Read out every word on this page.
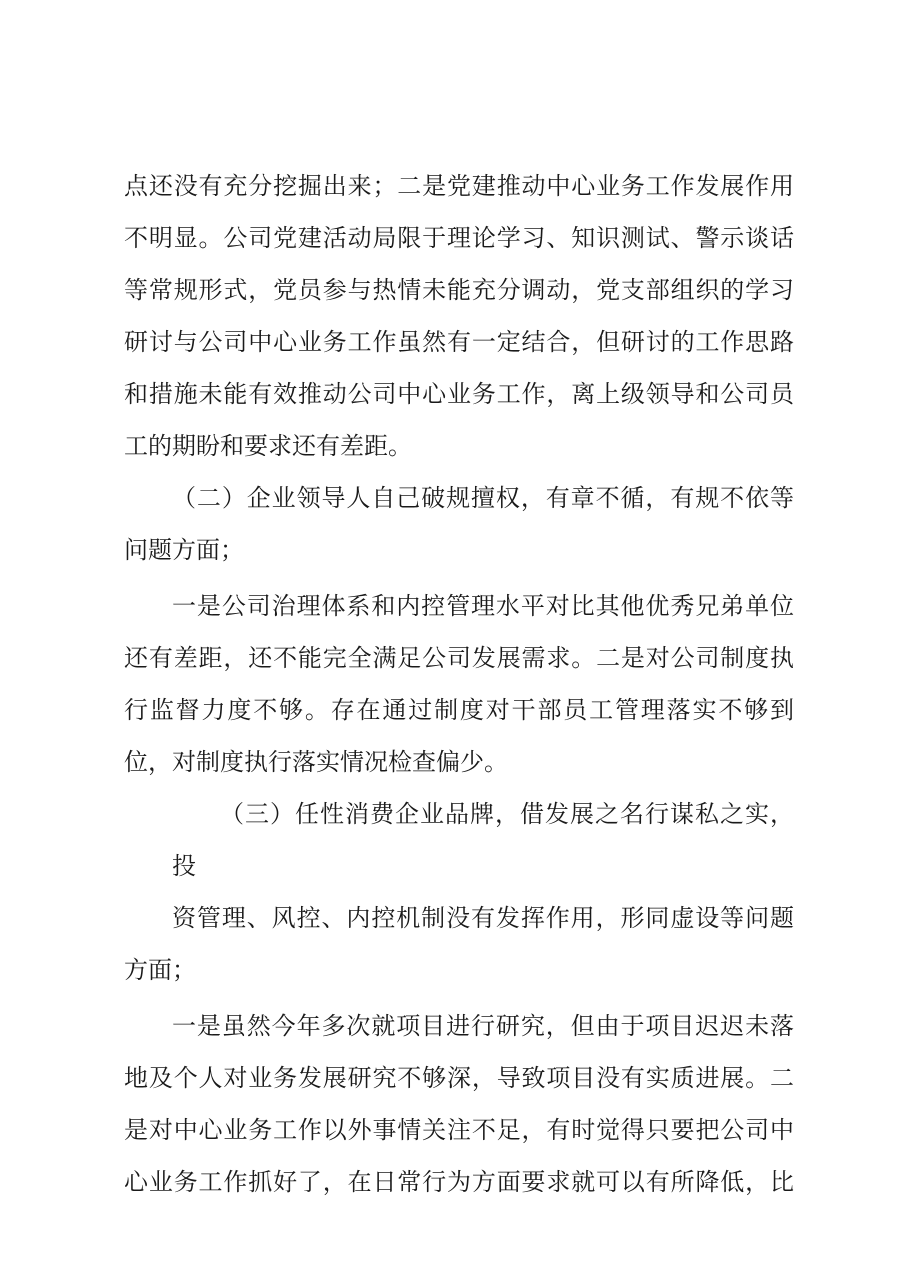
点还没有充分挖掘出来；二是党建推动中心业务工作发展作用
不明显。公司党建活动局限于理论学习、知识测试、警示谈话
等常规形式，党员参与热情未能充分调动，党支部组织的学习
研讨与公司中心业务工作虽然有一定结合，但研讨的工作思路
和措施未能有效推动公司中心业务工作，离上级领导和公司员
工的期盼和要求还有差距。
（二）企业领导人自己破规擅权，有章不循，有规不依等
问题方面；
一是公司治理体系和内控管理水平对比其他优秀兄弟单位
还有差距，还不能完全满足公司发展需求。二是对公司制度执
行监督力度不够。存在通过制度对干部员工管理落实不够到
位，对制度执行落实情况检查偏少。
（三）任性消费企业品牌，借发展之名行谋私之实，
投
资管理、风控、内控机制没有发挥作用，形同虚设等问题
方面；
一是虽然今年多次就项目进行研究，但由于项目迟迟未落
地及个人对业务发展研究不够深，导致项目没有实质进展。二
是对中心业务工作以外事情关注不足，有时觉得只要把公司中
心业务工作抓好了，在日常行为方面要求就可以有所降低，比
